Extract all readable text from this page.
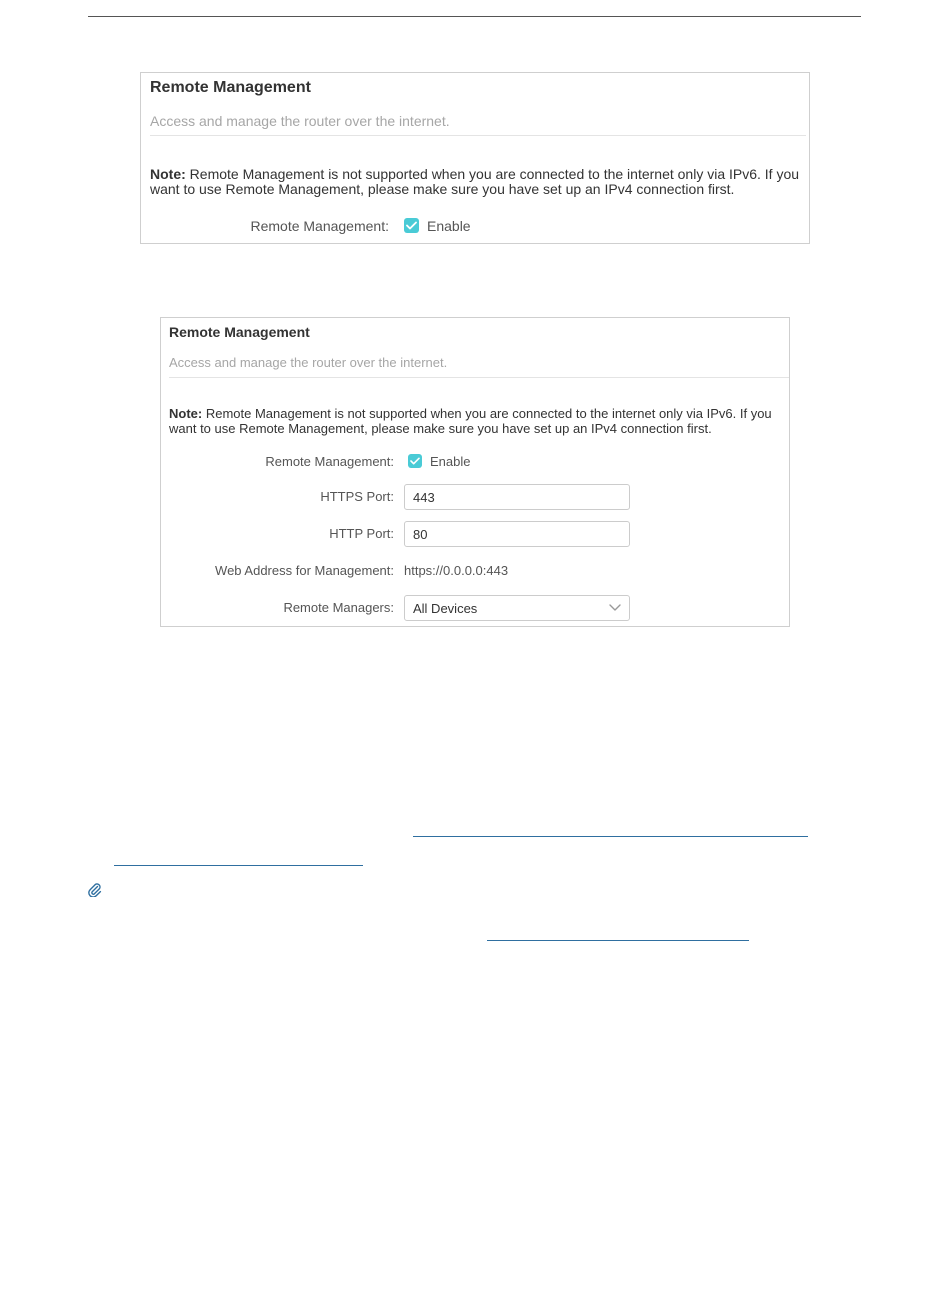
Remote Management
Access and manage the router over the internet.
Note: Remote Management is not supported when you are connected to the internet only via IPv6. If you want to use Remote Management, please make sure you have set up an IPv4 connection first.
Remote Management:	Enable
Remote Management
Access and manage the router over the internet.
Note: Remote Management is not supported when you are connected to the internet only via IPv6. If you want to use Remote Management, please make sure you have set up an IPv4 connection first.
Remote Management:	Enable
HTTPS Port:
443
HTTP Port:
80
Web Address for Management: https://0.0.0.0:443
Remote Managers: All Devices
